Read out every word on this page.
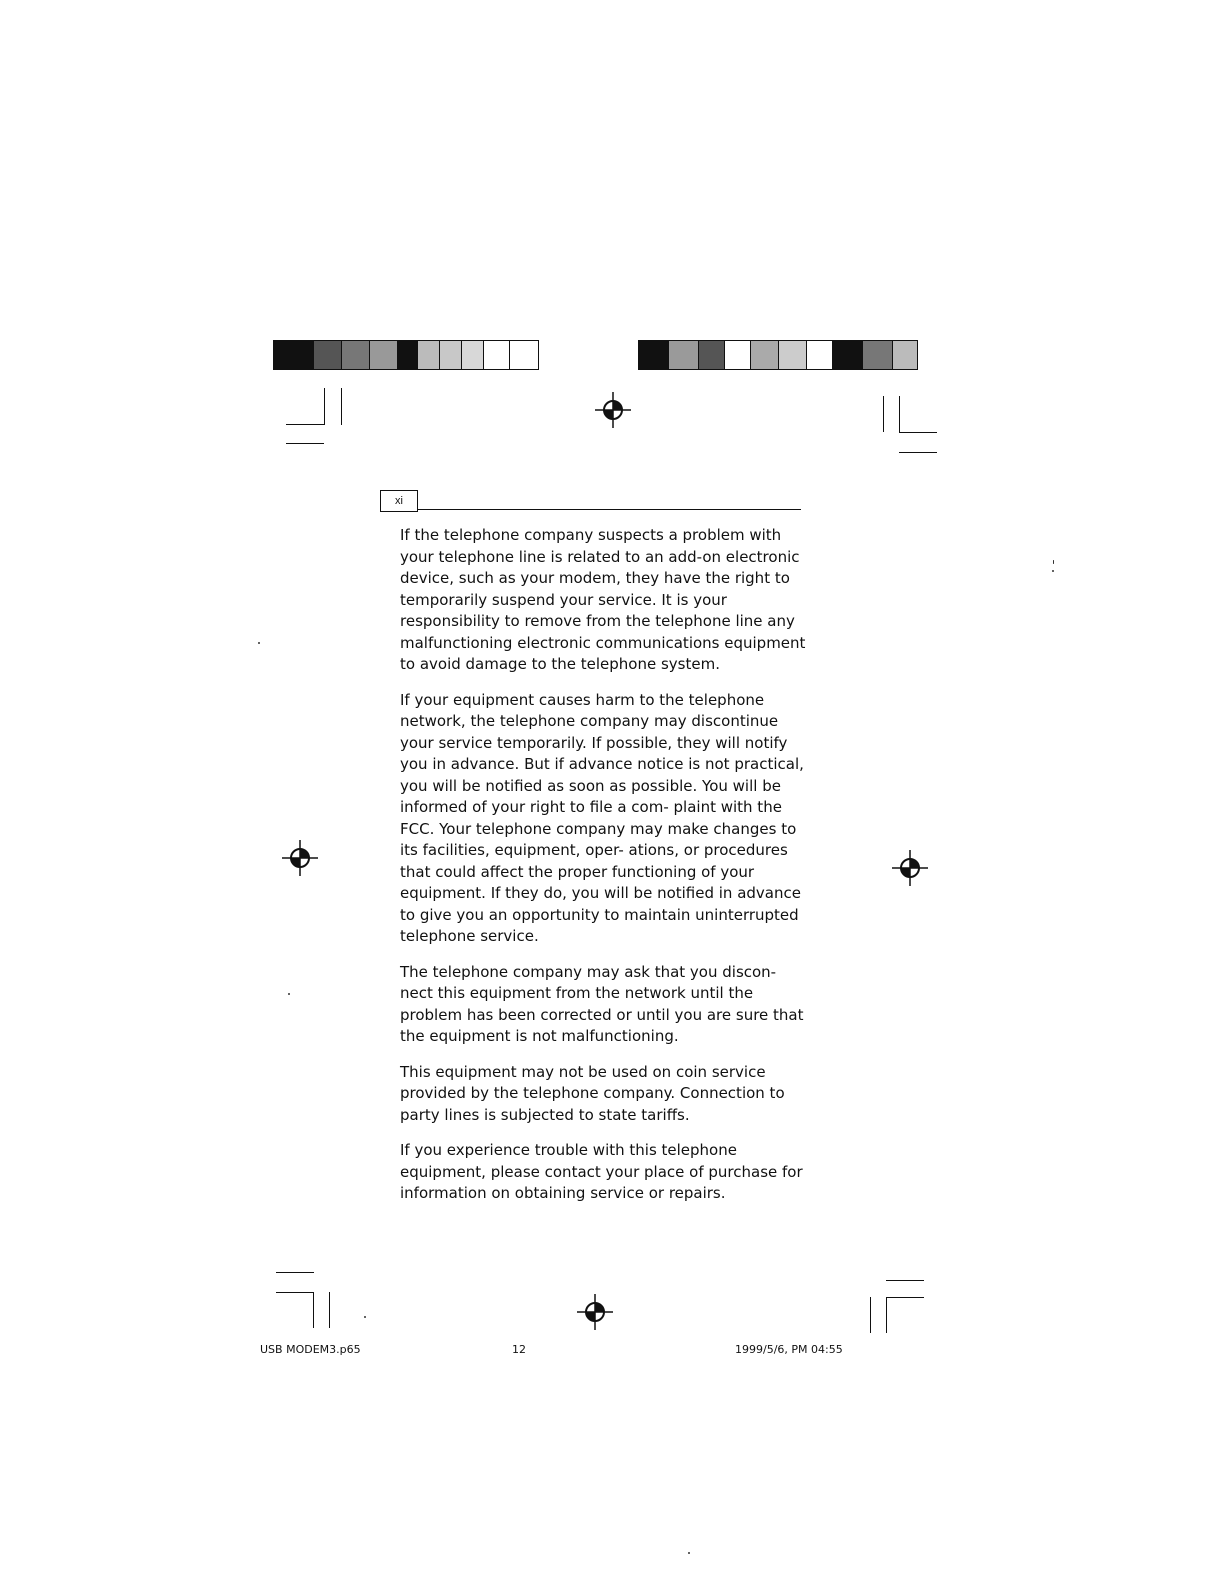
xi

If the telephone company suspects a problem with your telephone line is related to an add-on electronic device, such as your modem, they have the right to temporarily suspend your service. It is your responsibility to remove from the telephone line any malfunctioning electronic communications equipment to avoid damage to the telephone system.

If your equipment causes harm to the telephone network, the telephone company may discontinue your service temporarily. If possible, they will notify you in advance. But if advance notice is not practical, you will be notified as soon as possible. You will be informed of your right to file a com- plaint with the FCC. Your telephone company may make changes to its facilities, equipment, oper- ations, or procedures that could affect the proper functioning of your equipment. If they do, you will be notified in advance to give you an opportunity to maintain uninterrupted telephone service.

The telephone company may ask that you discon- nect this equipment from the network until the problem has been corrected or until you are sure that the equipment is not malfunctioning.

This equipment may not be used on coin service provided by the telephone company. Connection to party lines is subjected to state tariffs.

If you experience trouble with this telephone equipment, please contact your place of purchase for information on obtaining service or repairs.

USB MODEM3.p65	12	1999/5/6, PM 04:55
